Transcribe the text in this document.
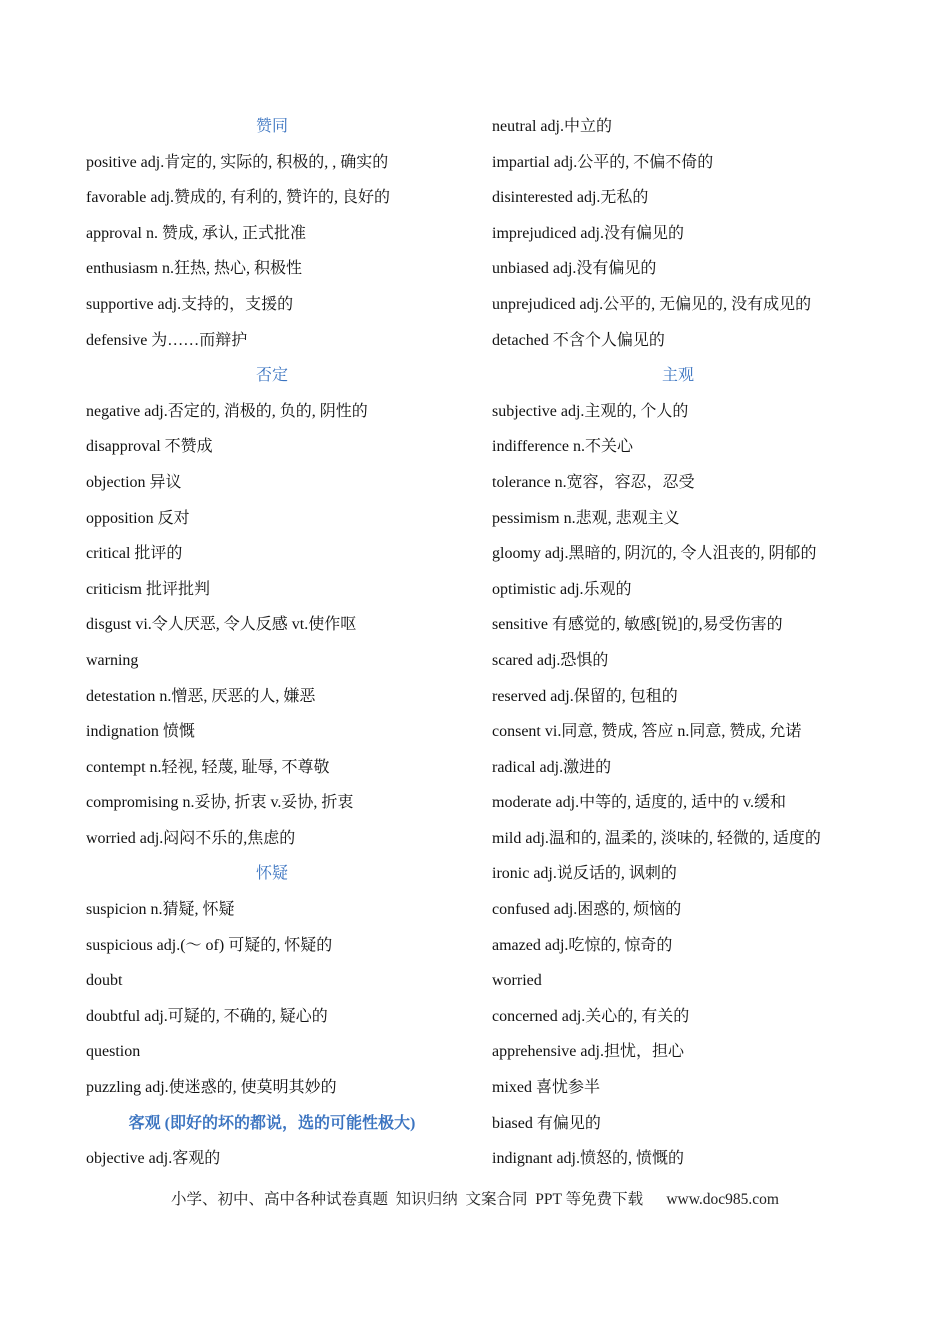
赞同
positive adj.肯定的, 实际的, 积极的, , 确实的
favorable adj.赞成的, 有利的, 赞许的, 良好的
approval n. 赞成, 承认, 正式批准
enthusiasm n.狂热, 热心, 积极性
supportive adj.支持的，支援的
defensive 为……而辩护
否定
negative adj.否定的, 消极的, 负的, 阴性的
disapproval 不赞成
objection 异议
opposition 反对
critical 批评的
criticism 批评批判
disgust vi.令人厌恶, 令人反感 vt.使作呕
warning
detestation n.憎恶, 厌恶的人, 嫌恶
indignation 愤慨
contempt n.轻视, 轻蔑, 耻辱, 不尊敬
compromising n.妥协, 折衷 v.妥协, 折衷
worried adj.闷闷不乐的,焦虑的
怀疑
suspicion n.猜疑, 怀疑
suspicious adj.(～ of) 可疑的, 怀疑的
doubt
doubtful adj.可疑的, 不确的, 疑心的
question
puzzling adj.使迷惑的, 使莫明其妙的
客观 (即好的坏的都说，选的可能性极大)
objective adj.客观的
neutral adj.中立的
impartial adj.公平的, 不偏不倚的
disinterested adj.无私的
imprejudiced adj.没有偏见的
unbiased adj.没有偏见的
unprejudiced adj.公平的, 无偏见的, 没有成见的
detached 不含个人偏见的
主观
subjective adj.主观的, 个人的
indifference n.不关心
tolerance n.宽容，容忍，忍受
pessimism n.悲观, 悲观主义
gloomy adj.黑暗的, 阴沉的, 令人沮丧的, 阴郁的
optimistic adj.乐观的
sensitive 有感觉的, 敏感[锐]的,易受伤害的
scared adj.恐惧的
reserved adj.保留的, 包租的
consent vi.同意, 赞成, 答应 n.同意, 赞成, 允诺
radical adj.激进的
moderate adj.中等的, 适度的, 适中的 v.缓和
mild adj.温和的, 温柔的, 淡味的, 轻微的, 适度的
ironic adj.说反话的, 讽刺的
confused adj.困惑的, 烦恼的
amazed adj.吃惊的, 惊奇的
worried
concerned adj.关心的, 有关的
apprehensive adj.担忧，担心
mixed 喜忧参半
biased 有偏见的
indignant adj.愤怒的, 愤慨的
小学、初中、高中各种试卷真题  知识归纳  文案合同  PPT 等免费下载      www.doc985.com
